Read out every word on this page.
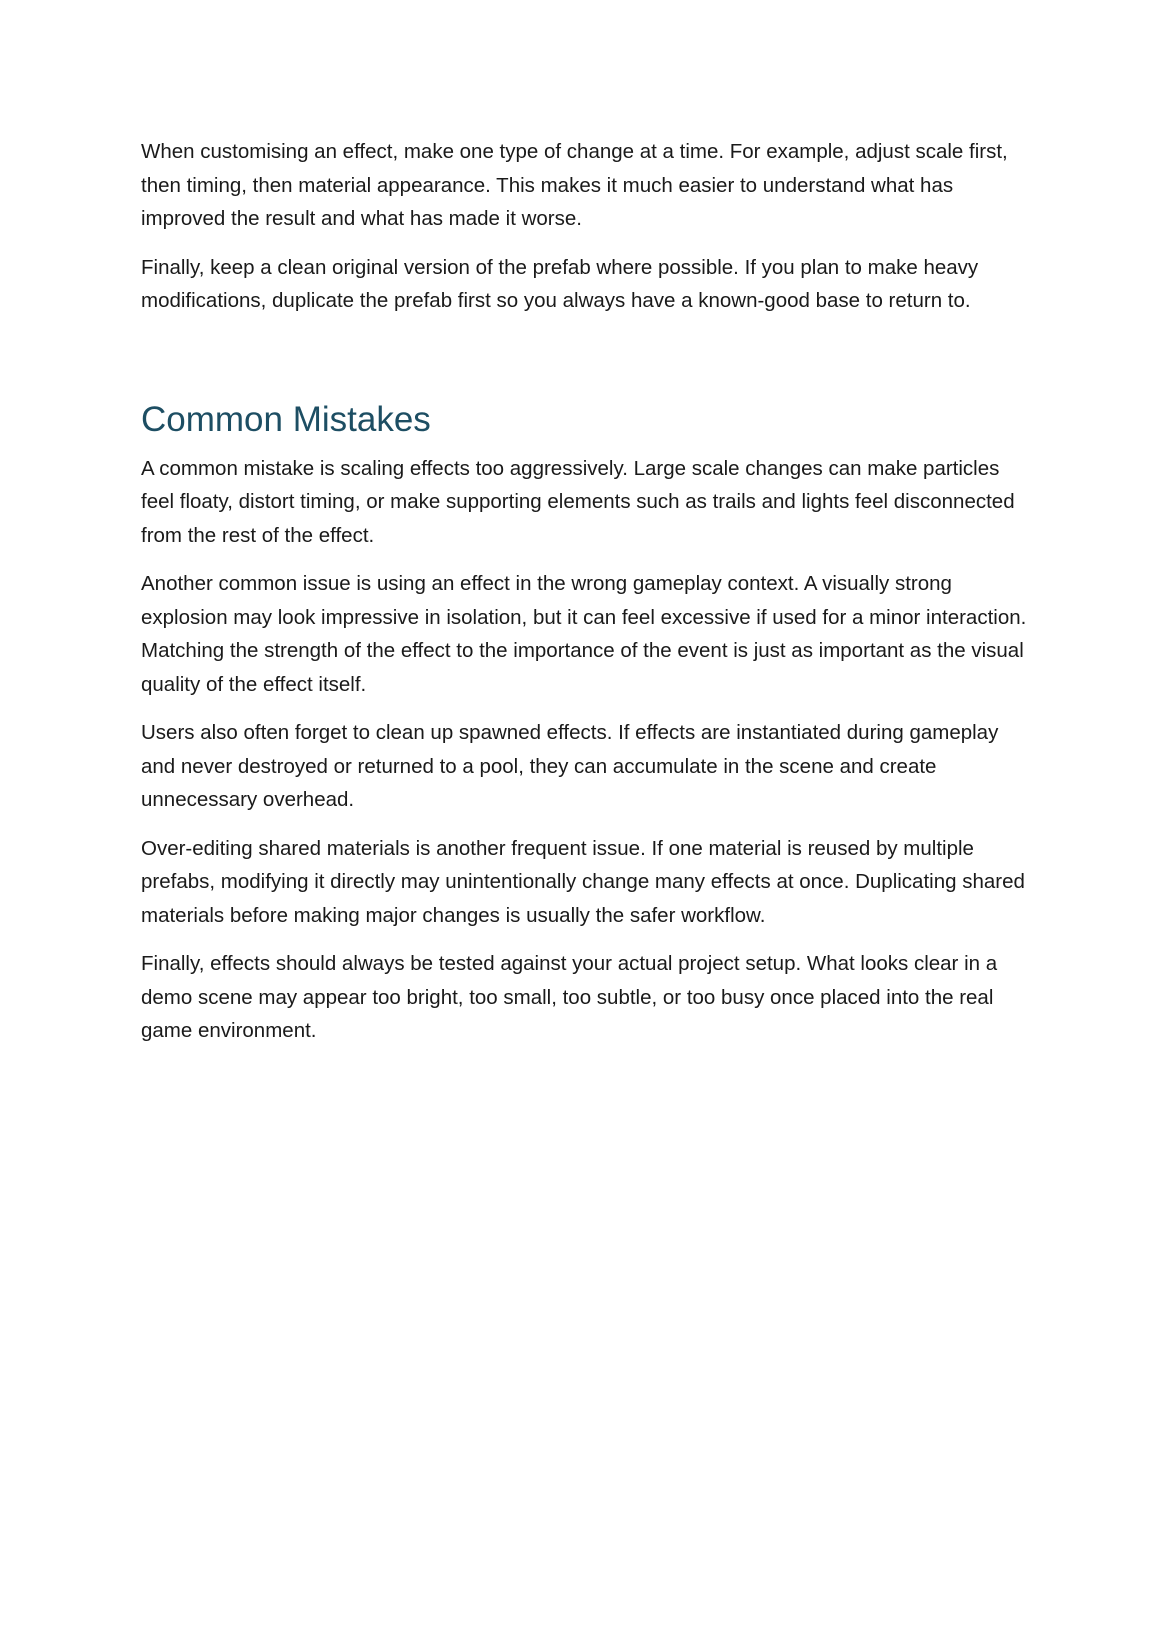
When customising an effect, make one type of change at a time. For example, adjust scale first, then timing, then material appearance. This makes it much easier to understand what has improved the result and what has made it worse.

Finally, keep a clean original version of the prefab where possible. If you plan to make heavy modifications, duplicate the prefab first so you always have a known-good base to return to.

Common Mistakes

A common mistake is scaling effects too aggressively. Large scale changes can make particles feel floaty, distort timing, or make supporting elements such as trails and lights feel disconnected from the rest of the effect.

Another common issue is using an effect in the wrong gameplay context. A visually strong explosion may look impressive in isolation, but it can feel excessive if used for a minor interaction. Matching the strength of the effect to the importance of the event is just as important as the visual quality of the effect itself.

Users also often forget to clean up spawned effects. If effects are instantiated during gameplay and never destroyed or returned to a pool, they can accumulate in the scene and create unnecessary overhead.

Over-editing shared materials is another frequent issue. If one material is reused by multiple prefabs, modifying it directly may unintentionally change many effects at once. Duplicating shared materials before making major changes is usually the safer workflow.

Finally, effects should always be tested against your actual project setup. What looks clear in a demo scene may appear too bright, too small, too subtle, or too busy once placed into the real game environment.
